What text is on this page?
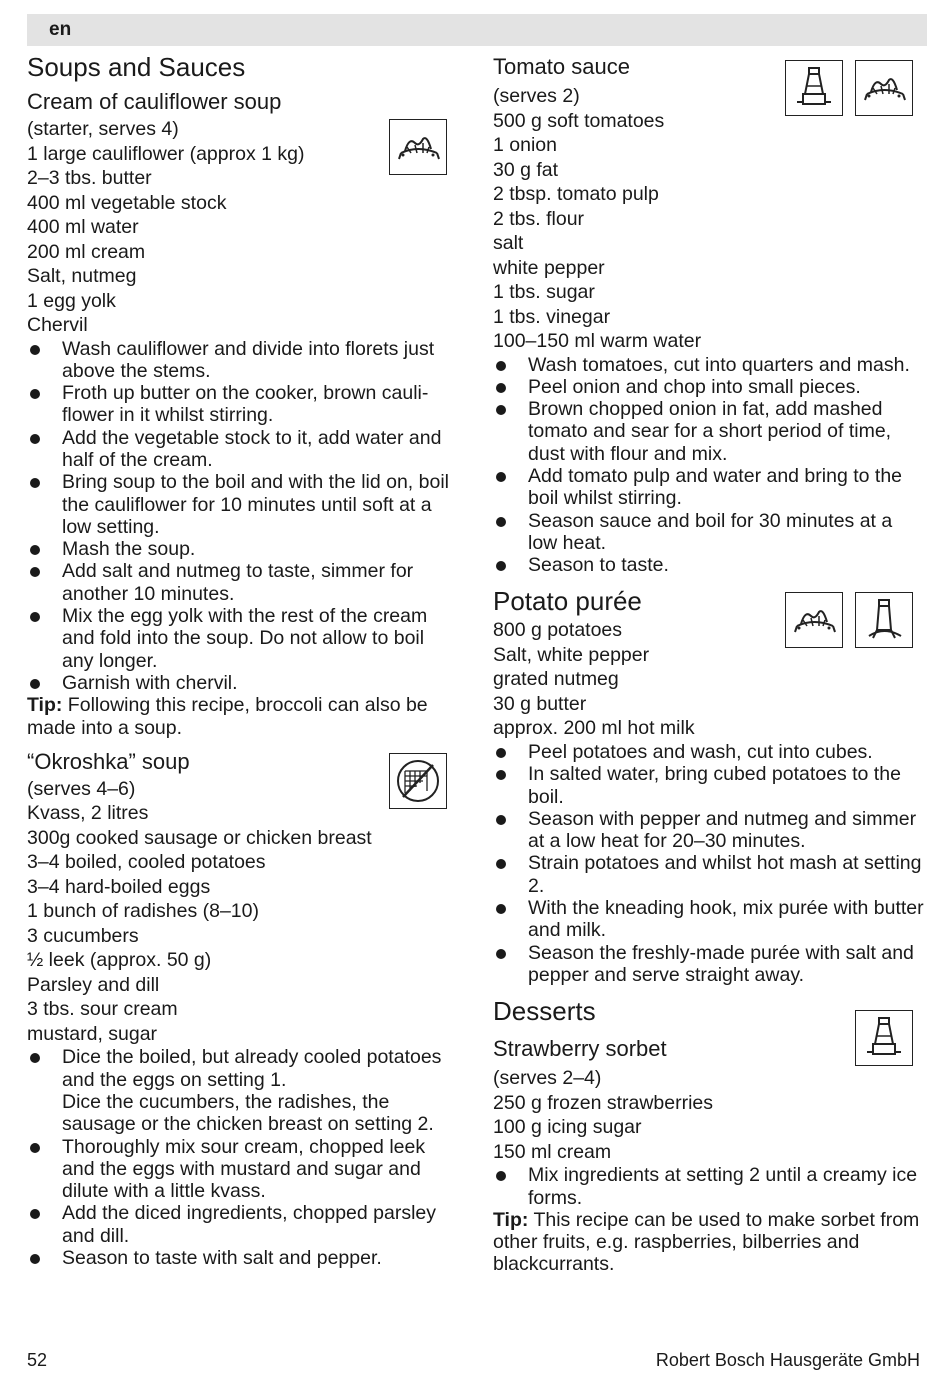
en
Soups and Sauces
Cream of cauliflower soup
(starter, serves 4)
1 large cauliflower (approx 1 kg)
2–3 tbs. butter
400 ml vegetable stock
400 ml water
200 ml cream
Salt, nutmeg
1 egg yolk
Chervil
Wash cauliflower and divide into florets just above the stems.
Froth up butter on the cooker, brown cauli-flower in it whilst stirring.
Add the vegetable stock to it, add water and half of the cream.
Bring soup to the boil and with the lid on, boil the cauliflower for 10 minutes until soft at a low setting.
Mash the soup.
Add salt and nutmeg to taste, simmer for another 10 minutes.
Mix the egg yolk with the rest of the cream and fold into the soup. Do not allow to boil any longer.
Garnish with chervil.
Tip: Following this recipe, broccoli can also be made into a soup.
“Okroshka” soup
(serves 4–6)
Kvass, 2 litres
300g cooked sausage or chicken breast
3–4 boiled, cooled potatoes
3–4 hard-boiled eggs
1 bunch of radishes (8–10)
3 cucumbers
½ leek (approx. 50 g)
Parsley and dill
3 tbs. sour cream
mustard, sugar
Dice the boiled, but already cooled potatoes and the eggs on setting 1.
Dice the cucumbers, the radishes, the sausage or the chicken breast on setting 2.
Thoroughly mix sour cream, chopped leek and the eggs with mustard and sugar and dilute with a little kvass.
Add the diced ingredients, chopped parsley and dill.
Season to taste with salt and pepper.
Tomato sauce
(serves 2)
500 g soft tomatoes
1 onion
30 g fat
2 tbsp. tomato pulp
2 tbs. flour
salt
white pepper
1 tbs. sugar
1 tbs. vinegar
100–150 ml warm water
Wash tomatoes, cut into quarters and mash.
Peel onion and chop into small pieces.
Brown chopped onion in fat, add mashed tomato and sear for a short period of time, dust with flour and mix.
Add tomato pulp and water and bring to the boil whilst stirring.
Season sauce and boil for 30 minutes at a low heat.
Season to taste.
Potato purée
800 g potatoes
Salt, white pepper
grated nutmeg
30 g butter
approx. 200 ml hot milk
Peel potatoes and wash, cut into cubes.
In salted water, bring cubed potatoes to the boil.
Season with pepper and nutmeg and simmer at a low heat for 20–30 minutes.
Strain potatoes and whilst hot mash at setting 2.
With the kneading hook, mix purée with butter and milk.
Season the freshly-made purée with salt and pepper and serve straight away.
Desserts
Strawberry sorbet
(serves 2–4)
250 g frozen strawberries
100 g icing sugar
150 ml cream
Mix ingredients at setting 2 until a creamy ice forms.
Tip: This recipe can be used to make sorbet from other fruits, e.g. raspberries, bilberries and blackcurrants.
52	Robert Bosch Hausgeräte GmbH
